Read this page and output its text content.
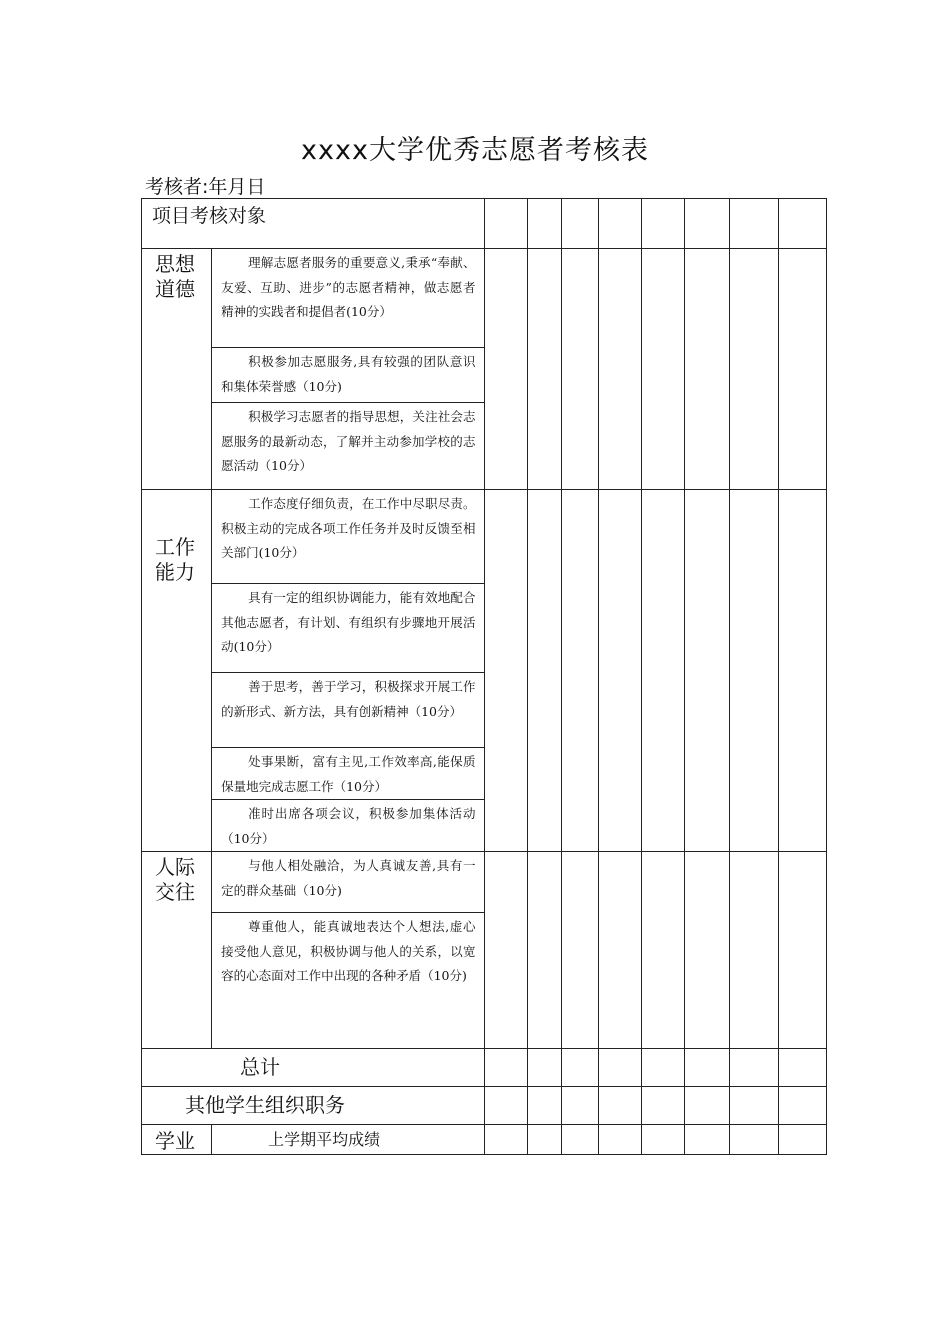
xxxx大学优秀志愿者考核表
考核者:年月日
项目考核对象									

思想
道德	理解志愿者服务的重要意义,秉承“奉献、友爱、互助、进步”的志愿者精神，做志愿者精神的实践者和提倡者(10分）								
	积极参加志愿服务,具有较强的团队意识和集体荣誉感（10分)								
	积极学习志愿者的指导思想，关注社会志愿服务的最新动态，了解并主动参加学校的志愿活动（10分）								

工作
能力	工作态度仔细负责，在工作中尽职尽责。积极主动的完成各项工作任务并及时反馈至相关部门(10分）								
	具有一定的组织协调能力，能有效地配合其他志愿者，有计划、有组织有步骤地开展活动(10分）								
	善于思考，善于学习，积极探求开展工作的新形式、新方法，具有创新精神（10分）								
	处事果断，富有主见,工作效率高,能保质保量地完成志愿工作（10分）								
	准时出席各项会议，积极参加集体活动（10分）								

人际
交往	与他人相处融洽，为人真诚友善,具有一定的群众基础（10分)								
	尊重他人，能真诚地表达个人想法,虚心接受他人意见，积极协调与他人的关系，以宽容的心态面对工作中出现的各种矛盾（10分)								
总计									
其他学生组织职务									
学业	上学期平均成绩								
